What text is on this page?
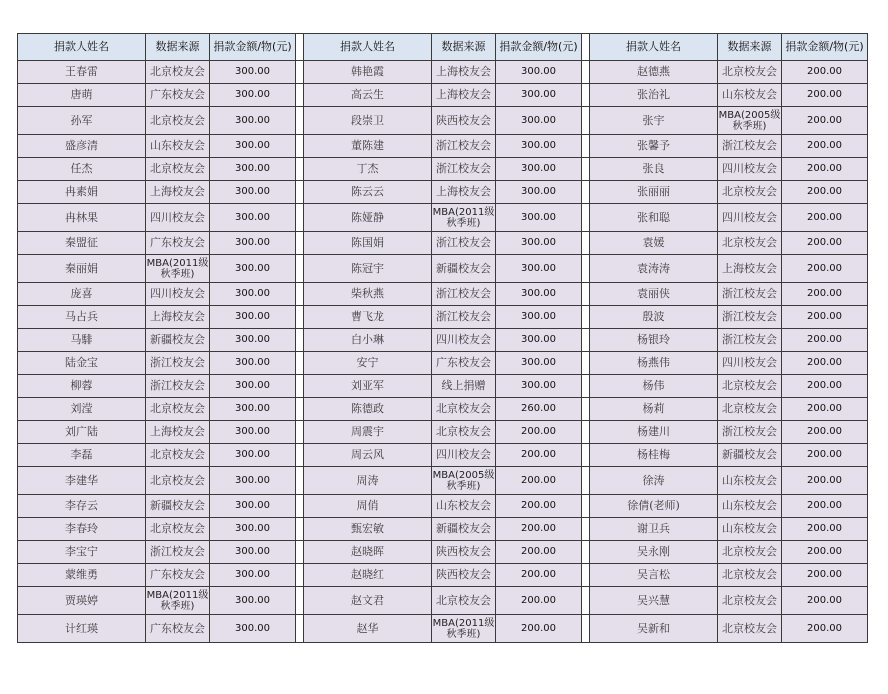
捐款人姓名	数据来源	捐款金额/物(元)		捐款人姓名	数据来源	捐款金额/物(元)		捐款人姓名	数据来源	捐款金额/物(元)
王春雷	北京校友会	300.00		韩艳霞	上海校友会	300.00		赵德燕	北京校友会	200.00
唐萌	广东校友会	300.00		高云生	上海校友会	300.00		张治礼	山东校友会	200.00
孙军	北京校友会	300.00		段崇卫	陕西校友会	300.00		张宇	MBA(2005级秋季班)	200.00
盛彦清	山东校友会	300.00		董陈建	浙江校友会	300.00		张馨予	浙江校友会	200.00
任杰	北京校友会	300.00		丁杰	浙江校友会	300.00		张良	四川校友会	200.00
冉素娟	上海校友会	300.00		陈云云	上海校友会	300.00		张丽丽	北京校友会	200.00
冉林果	四川校友会	300.00		陈娅静	MBA(2011级秋季班)	300.00		张和聪	四川校友会	200.00
秦盟征	广东校友会	300.00		陈国娟	浙江校友会	300.00		袁媛	北京校友会	200.00
秦丽娟	MBA(2011级秋季班)	300.00		陈冠宇	新疆校友会	300.00		袁涛涛	上海校友会	200.00
庞喜	四川校友会	300.00		柴秋燕	浙江校友会	300.00		袁丽侠	浙江校友会	200.00
马占兵	上海校友会	300.00		曹飞龙	浙江校友会	300.00		殷波	浙江校友会	200.00
马騑	新疆校友会	300.00		白小琳	四川校友会	300.00		杨银玲	浙江校友会	200.00
陆金宝	浙江校友会	300.00		安宁	广东校友会	300.00		杨燕伟	四川校友会	200.00
柳蓉	浙江校友会	300.00		刘亚军	线上捐赠	300.00		杨伟	北京校友会	200.00
刘滢	北京校友会	300.00		陈德政	北京校友会	260.00		杨莉	北京校友会	200.00
刘广陆	上海校友会	300.00		周震宇	北京校友会	200.00		杨建川	浙江校友会	200.00
李磊	北京校友会	300.00		周云风	四川校友会	200.00		杨桂梅	新疆校友会	200.00
李建华	北京校友会	300.00		周涛	MBA(2005级秋季班)	200.00		徐涛	山东校友会	200.00
李存云	新疆校友会	300.00		周俏	山东校友会	200.00		徐倩(老师)	山东校友会	200.00
李春玲	北京校友会	300.00		甄宏敏	新疆校友会	200.00		谢卫兵	山东校友会	200.00
李宝宁	浙江校友会	300.00		赵晓晖	陕西校友会	200.00		吴永刚	北京校友会	200.00
蒙维勇	广东校友会	300.00		赵晓红	陕西校友会	200.00		吴言松	北京校友会	200.00
贾瑛婷	MBA(2011级秋季班)	300.00		赵文君	北京校友会	200.00		吴兴慧	北京校友会	200.00
计红瑛	广东校友会	300.00		赵华	MBA(2011级秋季班)	200.00		吴新和	北京校友会	200.00
